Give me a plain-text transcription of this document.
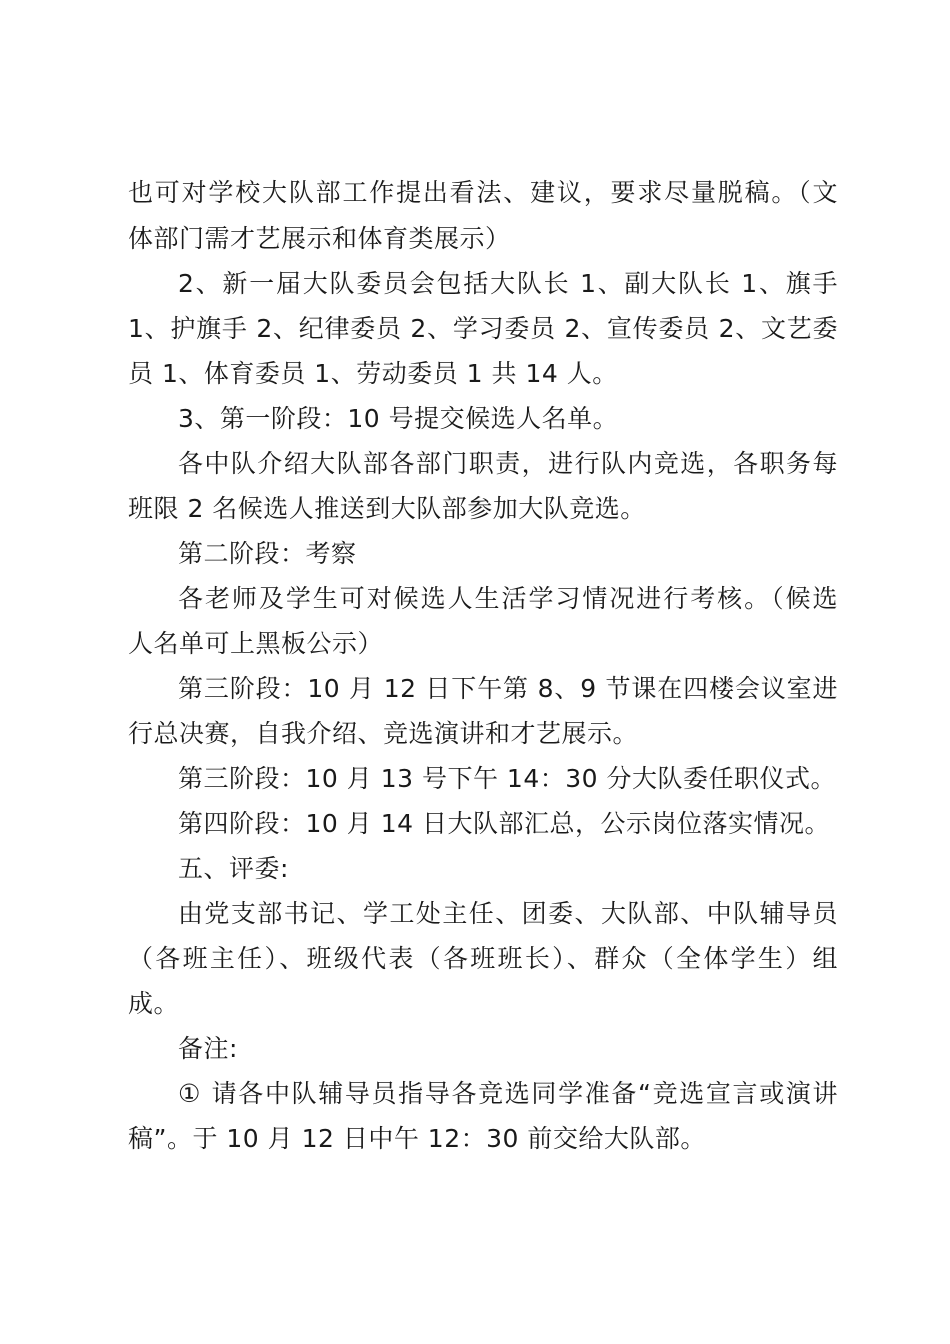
也可对学校大队部工作提出看法、建议，要求尽量脱稿。（文

体部门需才艺展示和体育类展示）

2、新一届大队委员会包括大队长 1、副大队长 1、旗手

1、护旗手 2、纪律委员 2、学习委员 2、宣传委员 2、文艺委

员 1、体育委员 1、劳动委员 1 共 14 人。

3、第一阶段：10 号提交候选人名单。

各中队介绍大队部各部门职责，进行队内竞选，各职务每

班限 2 名候选人推送到大队部参加大队竞选。

第二阶段：考察

各老师及学生可对候选人生活学习情况进行考核。（候选

人名单可上黑板公示）

第三阶段：10 月 12 日下午第 8、9 节课在四楼会议室进

行总决赛，自我介绍、竞选演讲和才艺展示。

第三阶段：10 月 13 号下午 14：30 分大队委任职仪式。

第四阶段：10 月 14 日大队部汇总，公示岗位落实情况。

五、评委:

由党支部书记、学工处主任、团委、大队部、中队辅导员

（各班主任）、班级代表（各班班长）、群众（全体学生）组

成。

备注:

① 请各中队辅导员指导各竞选同学准备“竞选宣言或演讲

稿”。于 10 月 12 日中午 12：30 前交给大队部。
